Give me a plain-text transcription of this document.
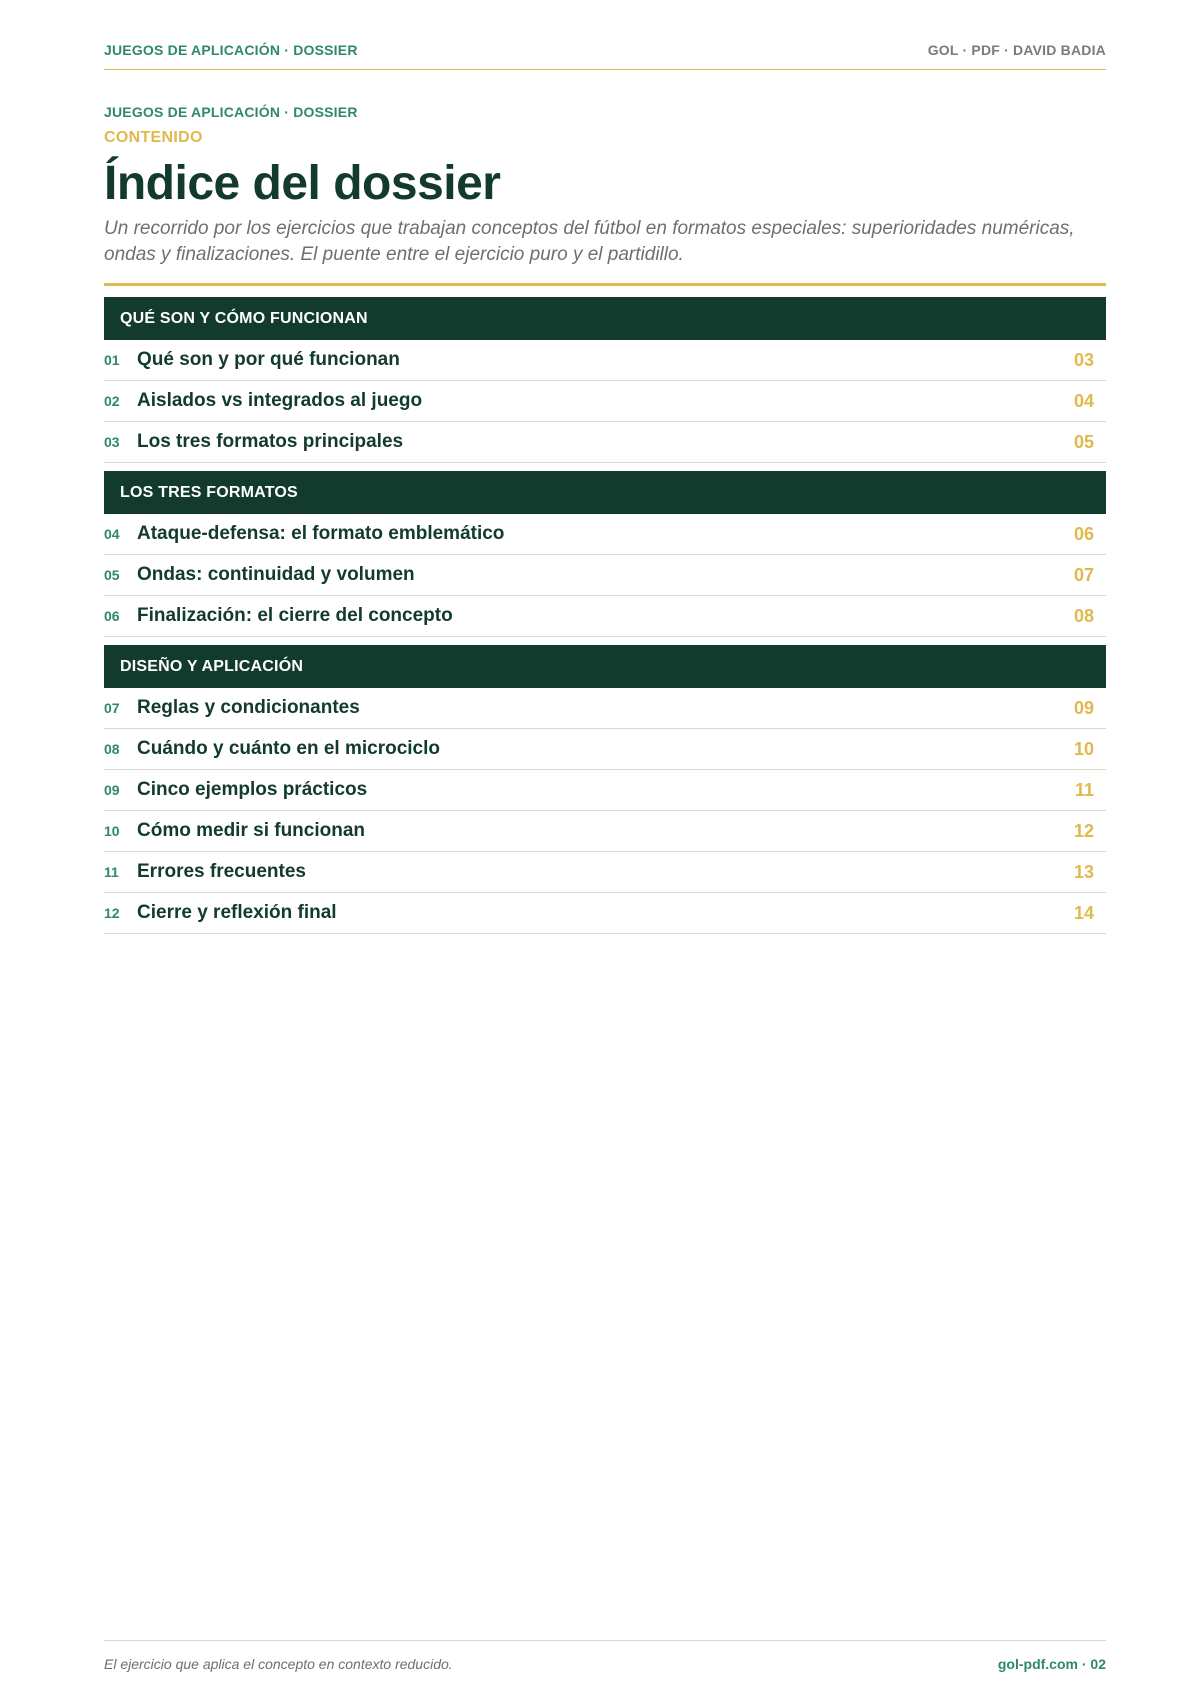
JUEGOS DE APLICACIÓN · DOSSIER	GOL · PDF · DAVID BADIA
JUEGOS DE APLICACIÓN · DOSSIER
CONTENIDO
Índice del dossier

Un recorrido por los ejercicios que trabajan conceptos del fútbol en formatos especiales: superioridades numéricas, ondas y finalizaciones. El puente entre el ejercicio puro y el partidillo.

QUÉ SON Y CÓMO FUNCIONAN
01 Qué son y por qué funcionan	03
02 Aislados vs integrados al juego	04
03 Los tres formatos principales	05
LOS TRES FORMATOS
04 Ataque-defensa: el formato emblemático	06
05 Ondas: continuidad y volumen	07
06 Finalización: el cierre del concepto	08
DISEÑO Y APLICACIÓN
07 Reglas y condicionantes	09
08 Cuándo y cuánto en el microciclo	10
09 Cinco ejemplos prácticos	11
10 Cómo medir si funcionan	12
11 Errores frecuentes	13
12 Cierre y reflexión final	14
El ejercicio que aplica el concepto en contexto reducido.	gol-pdf.com · 02
